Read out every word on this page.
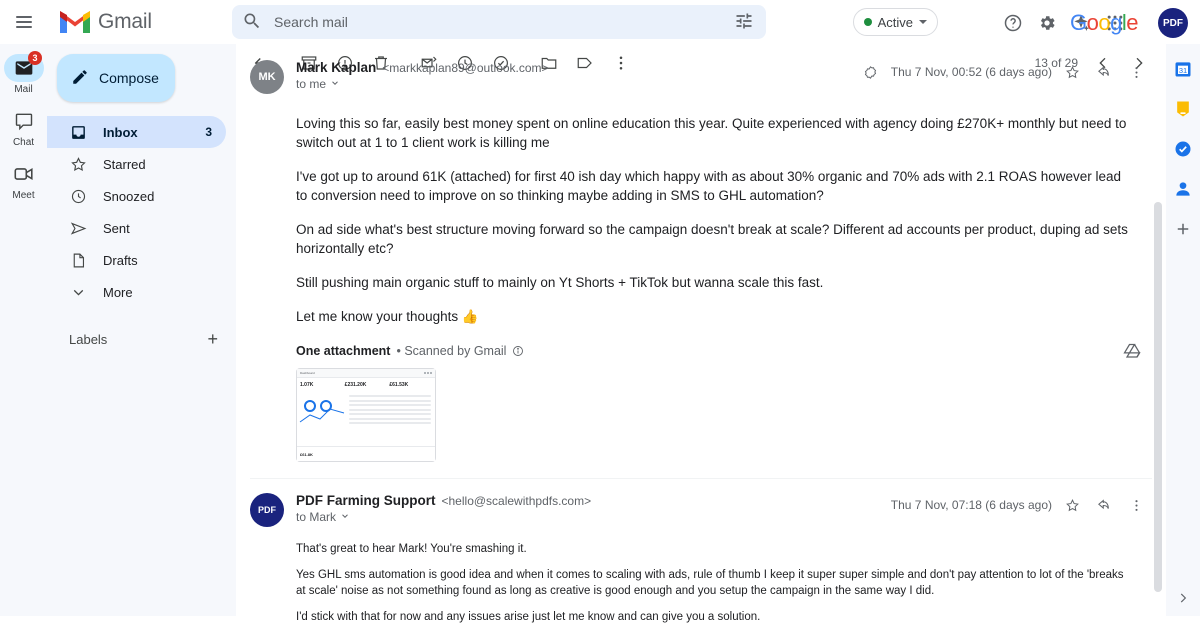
Gmail
Search mail	Active	Google	PDF
3
Mail
Chat
Meet
Compose
Inbox	3
Starred
Snoozed
Sent
Drafts
More
Labels	+
13 of 29
MK
Mark Kaplan <markkaplan89@outlook.com>
to me
Thu 7 Nov, 00:52 (6 days ago)

Loving this so far, easily best money spent on online education this year. Quite experienced with agency doing £270K+ monthly but need to switch out at 1 to 1 client work is killing me

I've got up to around 61K (attached) for first 40 ish day which happy with as about 30% organic and 70% ads with 2.1 ROAS however lead to conversion need to improve on so thinking maybe adding in SMS to GHL automation?

On ad side what's best structure moving forward so the campaign doesn't break at scale? Different ad accounts per product, duping ad sets horizontally etc?

Still pushing main organic stuff to mainly on Yt Shorts + TikTok but wanna scale this fast.

Let me know your thoughts 👍

One attachment • Scanned by Gmail
Dashboard
1.07K	£231.20K	£61.53K
£61.8K
PDF
PDF Farming Support <hello@scalewithpdfs.com>
to Mark
Thu 7 Nov, 07:18 (6 days ago)

That's great to hear Mark! You're smashing it.

Yes GHL sms automation is good idea and when it comes to scaling with ads, rule of thumb I keep it super super simple and don't pay attention to lot of the 'breaks at scale' noise as not something found as long as creative is good enough and you setup the campaign in the same way I did.

I'd stick with that for now and any issues arise just let me know and can give you a solution.

31
